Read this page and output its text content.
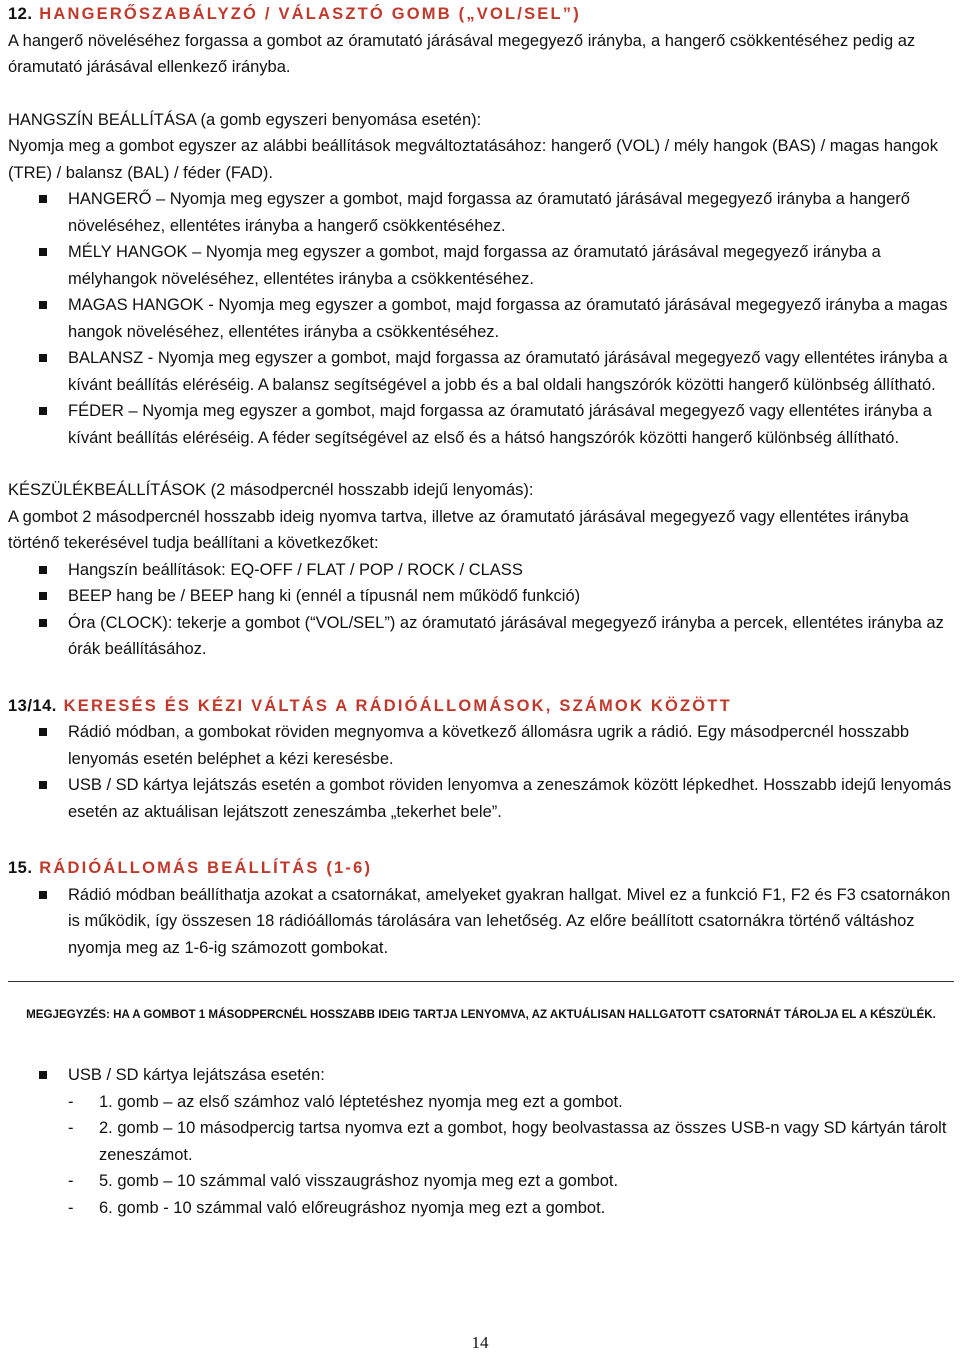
12. HANGERŐSZABÁLYZÓ / VÁLASZTÓ GOMB („VOL/SEL”)

A hangerő növeléséhez forgassa a gombot az óramutató járásával megegyező irányba, a hangerő csökkentéséhez pedig az óramutató járásával ellenkező irányba.

HANGSZÍN BEÁLLÍTÁSA (a gomb egyszeri benyomása esetén):

Nyomja meg a gombot egyszer az alábbi beállítások megváltoztatásához: hangerő (VOL) / mély hangok (BAS) / magas hangok (TRE) / balansz (BAL) / féder (FAD).

HANGERŐ – Nyomja meg egyszer a gombot, majd forgassa az óramutató járásával megegyező irányba a hangerő növeléséhez, ellentétes irányba a hangerő csökkentéséhez.
MÉLY HANGOK – Nyomja meg egyszer a gombot, majd forgassa az óramutató járásával megegyező irányba a mélyhangok növeléséhez, ellentétes irányba a csökkentéséhez.
MAGAS HANGOK - Nyomja meg egyszer a gombot, majd forgassa az óramutató járásával megegyező irányba a magas hangok növeléséhez, ellentétes irányba a csökkentéséhez.
BALANSZ - Nyomja meg egyszer a gombot, majd forgassa az óramutató járásával megegyező vagy ellentétes irányba a kívánt beállítás eléréséig. A balansz segítségével a jobb és a bal oldali hangszórók közötti hangerő különbség állítható.
FÉDER – Nyomja meg egyszer a gombot, majd forgassa az óramutató járásával megegyező vagy ellentétes irányba a kívánt beállítás eléréséig. A féder segítségével az első és a hátsó hangszórók közötti hangerő különbség állítható.

KÉSZÜLÉKBEÁLLÍTÁSOK (2 másodpercnél hosszabb idejű lenyomás):

A gombot 2 másodpercnél hosszabb ideig nyomva tartva, illetve az óramutató járásával megegyező vagy ellentétes irányba történő tekerésével tudja beállítani a következőket:

Hangszín beállítások: EQ-OFF / FLAT / POP / ROCK / CLASS
BEEP hang be / BEEP hang ki (ennél a típusnál nem működő funkció)
Óra (CLOCK): tekerje a gombot (“VOL/SEL”) az óramutató járásával megegyező irányba a percek, ellentétes irányba az órák beállításához.
13/14. KERESÉS ÉS KÉZI VÁLTÁS A RÁDIÓÁLLOMÁSOK, SZÁMOK KÖZÖTT
Rádió módban, a gombokat röviden megnyomva a következő állomásra ugrik a rádió. Egy másodpercnél hosszabb lenyomás esetén beléphet a kézi keresésbe.
USB / SD kártya lejátszás esetén a gombot röviden lenyomva a zeneszámok között lépkedhet. Hosszabb idejű lenyomás esetén az aktuálisan lejátszott zeneszámba „tekerhet bele”.
15. RÁDIÓÁLLOMÁS BEÁLLÍTÁS (1-6)
Rádió módban beállíthatja azokat a csatornákat, amelyeket gyakran hallgat. Mivel ez a funkció F1, F2 és F3 csatornákon is működik, így összesen 18 rádióállomás tárolására van lehetőség. Az előre beállított csatornákra történő váltáshoz nyomja meg az 1-6-ig számozott gombokat.

MEGJEGYZÉS: HA A GOMBOT 1 MÁSODPERCNÉL HOSSZABB IDEIG TARTJA LENYOMVA, AZ AKTUÁLISAN HALLGATOTT CSATORNÁT TÁROLJA EL A KÉSZÜLÉK.

USB / SD kártya lejátszása esetén:
- 1. gomb – az első számhoz való léptetéshez nyomja meg ezt a gombot.
- 2. gomb – 10 másodpercig tartsa nyomva ezt a gombot, hogy beolvastassa az összes USB-n vagy SD kártyán tárolt zeneszámot.
- 5. gomb – 10 számmal való visszaugráshoz nyomja meg ezt a gombot.
- 6. gomb - 10 számmal való előreugráshoz nyomja meg ezt a gombot.
14
